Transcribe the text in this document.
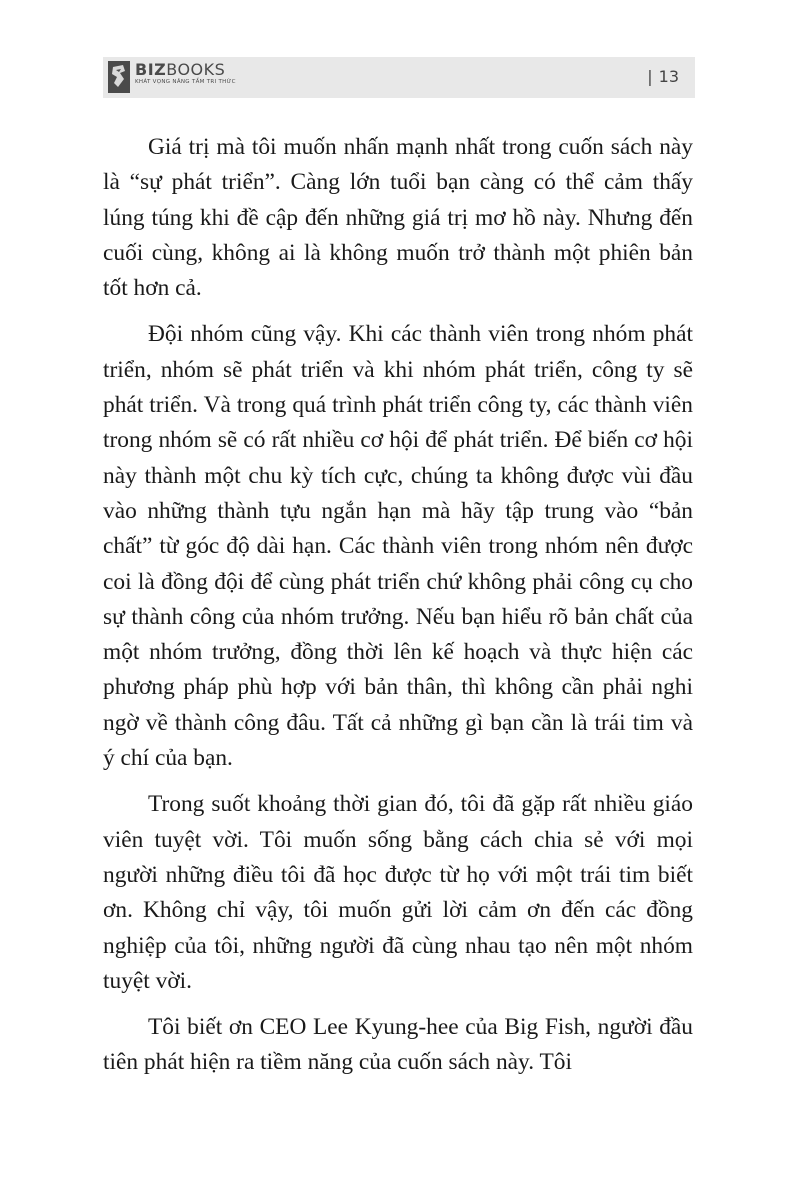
BIZBOOKS
KHÁT VỌNG NÂNG TẦM TRI THỨC	| 13

Giá trị mà tôi muốn nhấn mạnh nhất trong cuốn sách này là “sự phát triển”. Càng lớn tuổi bạn càng có thể cảm thấy lúng túng khi đề cập đến những giá trị mơ hồ này. Nhưng đến cuối cùng, không ai là không muốn trở thành một phiên bản tốt hơn cả.

Đội nhóm cũng vậy. Khi các thành viên trong nhóm phát triển, nhóm sẽ phát triển và khi nhóm phát triển, công ty sẽ phát triển. Và trong quá trình phát triển công ty, các thành viên trong nhóm sẽ có rất nhiều cơ hội để phát triển. Để biến cơ hội này thành một chu kỳ tích cực, chúng ta không được vùi đầu vào những thành tựu ngắn hạn mà hãy tập trung vào “bản chất” từ góc độ dài hạn. Các thành viên trong nhóm nên được coi là đồng đội để cùng phát triển chứ không phải công cụ cho sự thành công của nhóm trưởng. Nếu bạn hiểu rõ bản chất của một nhóm trưởng, đồng thời lên kế hoạch và thực hiện các phương pháp phù hợp với bản thân, thì không cần phải nghi ngờ về thành công đâu. Tất cả những gì bạn cần là trái tim và ý chí của bạn.

Trong suốt khoảng thời gian đó, tôi đã gặp rất nhiều giáo viên tuyệt vời. Tôi muốn sống bằng cách chia sẻ với mọi người những điều tôi đã học được từ họ với một trái tim biết ơn. Không chỉ vậy, tôi muốn gửi lời cảm ơn đến các đồng nghiệp của tôi, những người đã cùng nhau tạo nên một nhóm tuyệt vời.

Tôi biết ơn CEO Lee Kyung-hee của Big Fish, người đầu tiên phát hiện ra tiềm năng của cuốn sách này. Tôi
